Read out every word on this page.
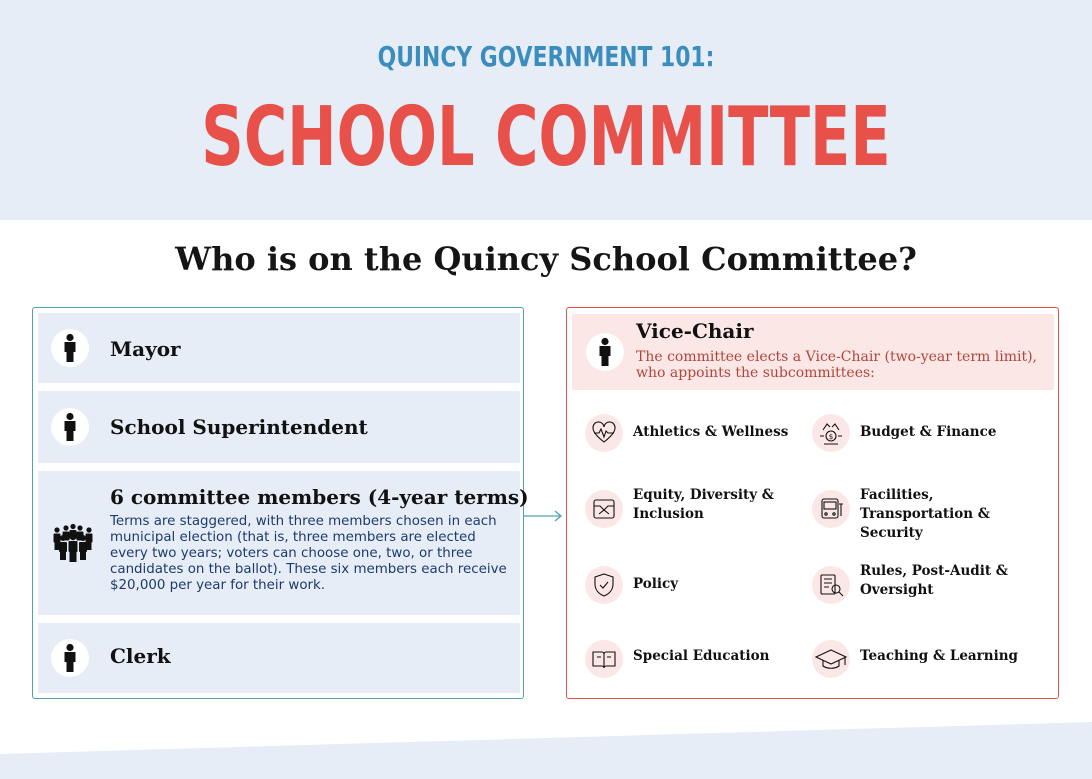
QUINCY GOVERNMENT 101:
SCHOOL COMMITTEE
Who is on the Quincy School Committee?
Mayor
School Superintendent
6 committee members (4-year terms)
Terms are staggered, with three members chosen in each municipal election (that is, three members are elected every two years; voters can choose one, two, or three candidates on the ballot). These six members each receive $20,000 per year for their work.
Clerk
Vice-Chair
The committee elects a Vice-Chair (two-year term limit), who appoints the subcommittees:
Athletics & Wellness	$ Budget & Finance
Equity, Diversity & Inclusion
Facilities, Transportation & Security
Policy
Rules, Post-Audit & Oversight
Special Education	Teaching & Learning
